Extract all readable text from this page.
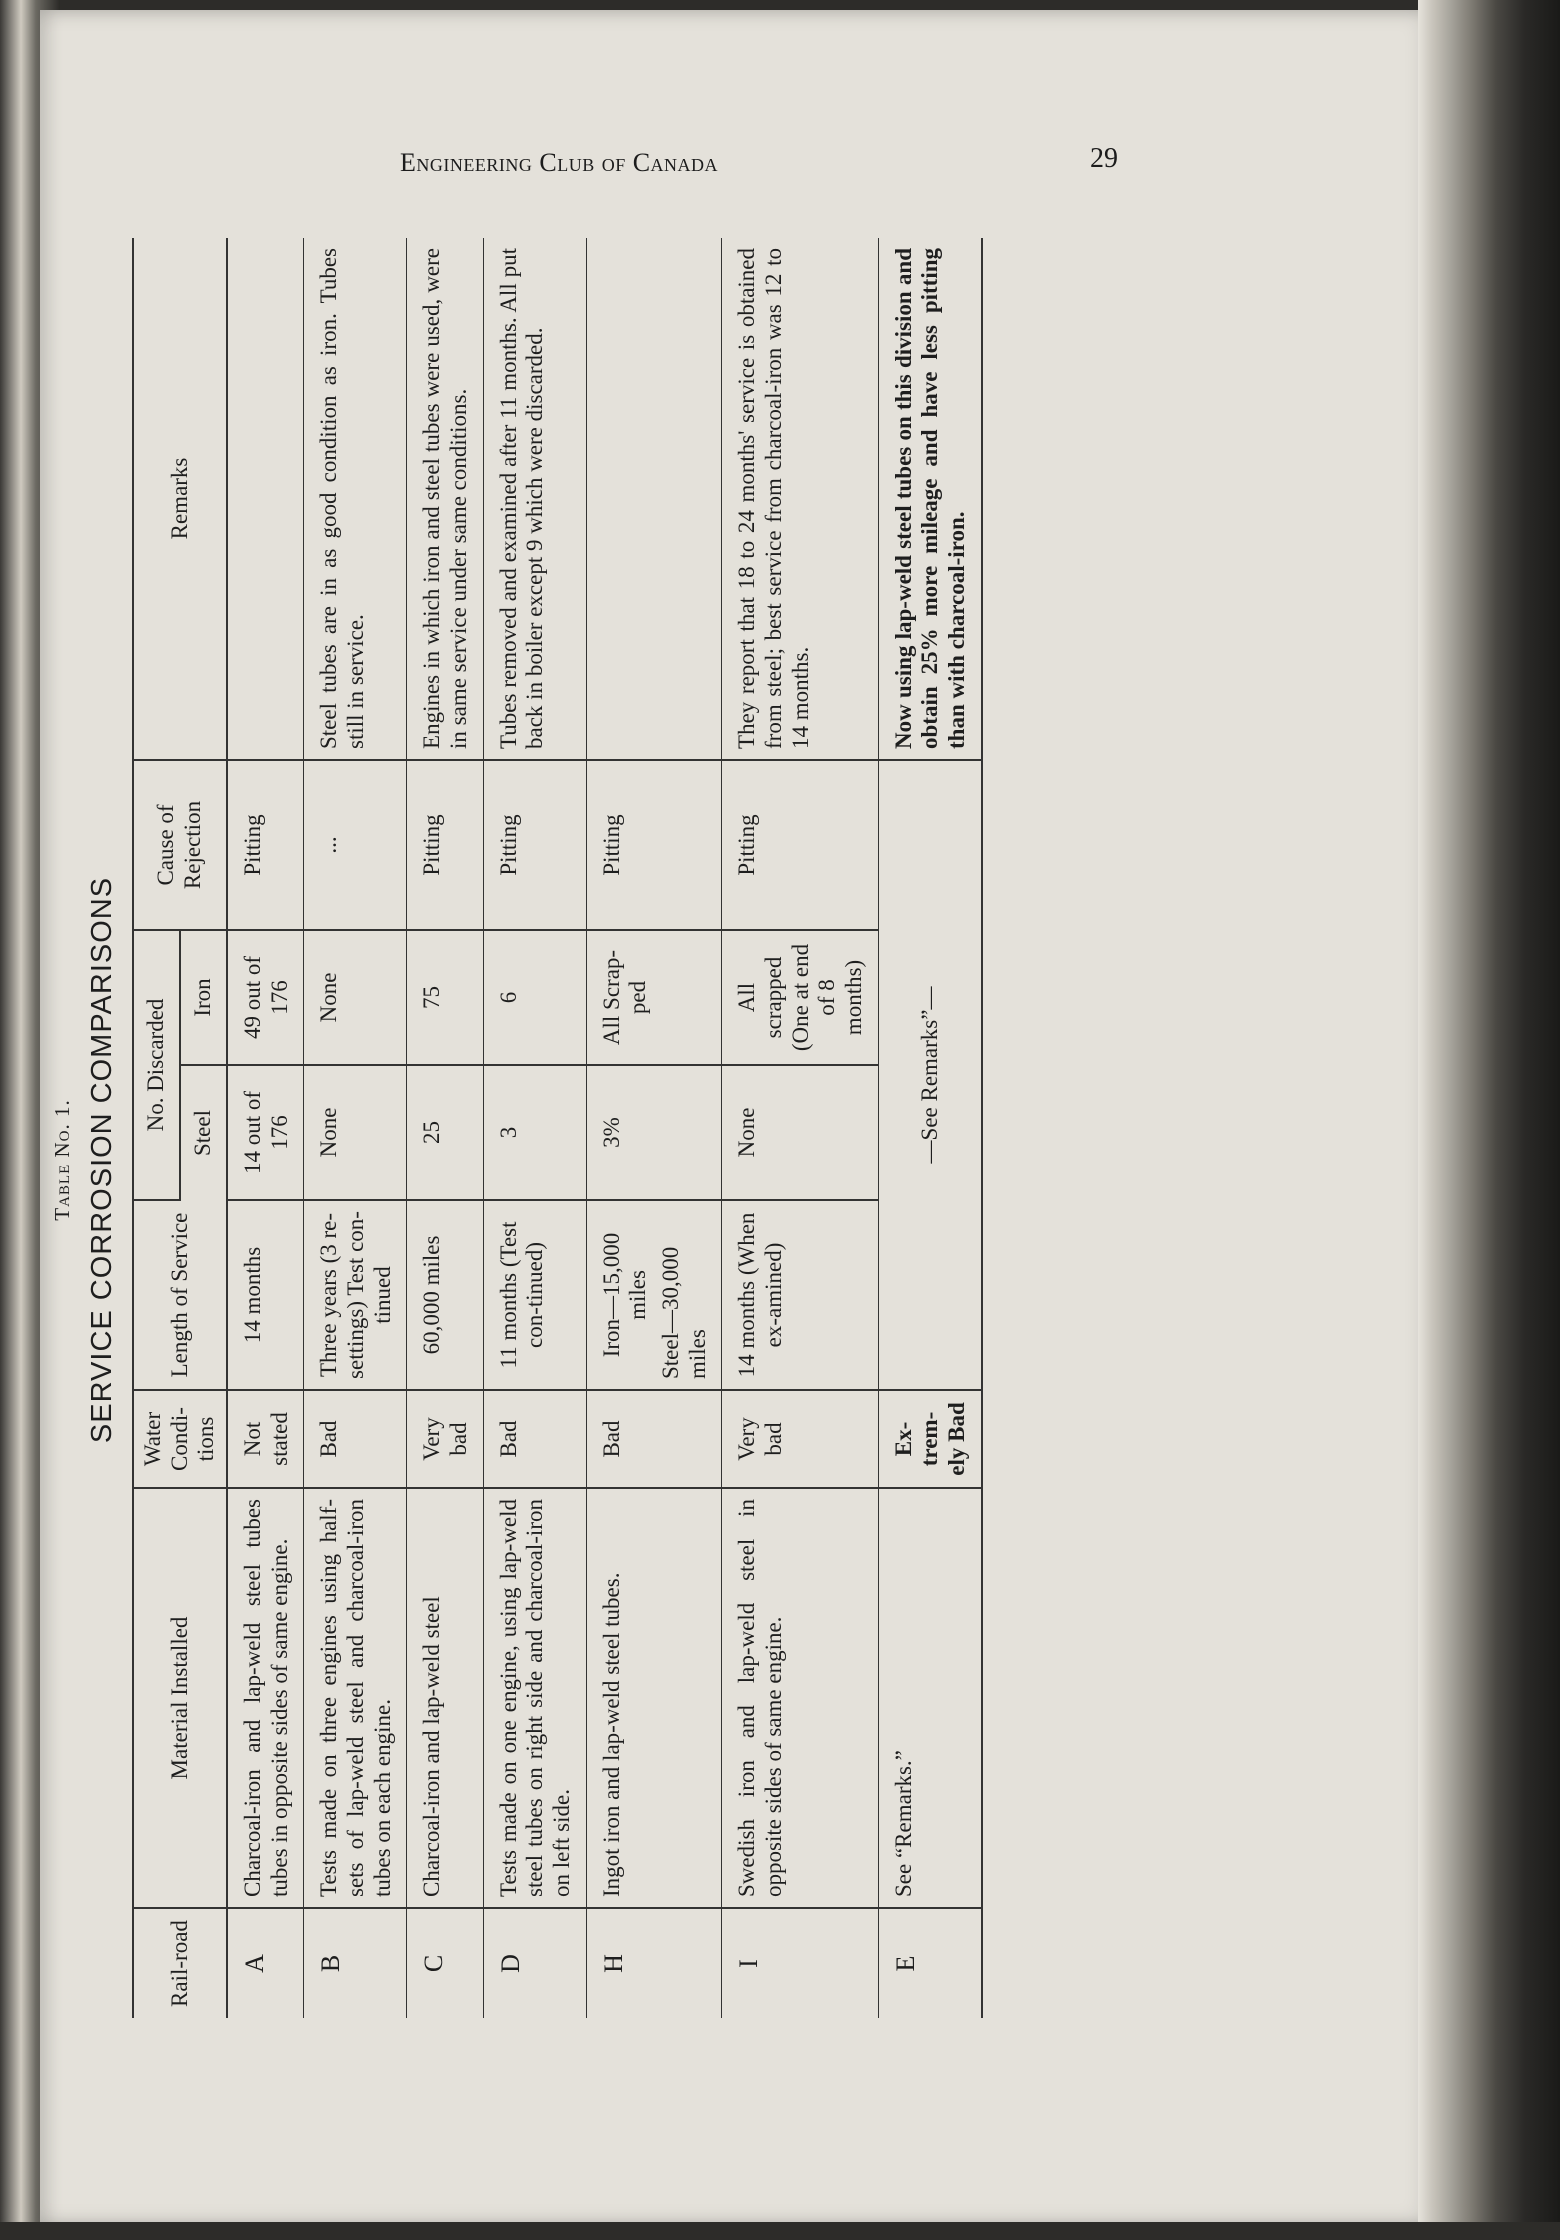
Engineering Club of Canada	29
Table No. 1. SERVICE CORROSION COMPARISONS
Rail-road	Material Installed	Water Condi-tions	Length of Service	No. Discarded		Cause of Rejection	Remarks
				Steel	Iron		
A	Charcoal-iron and lap-weld steel tubes tubes in opposite sides of same engine.	Not stated	14 months	14 out of 176	49 out of 176	Pitting	
B	Tests made on three engines using half-sets of lap-weld steel and charcoal-iron tubes on each engine.	Bad	Three years (3 re-settings) Test con-tinued	None	None	...	Steel tubes are in as good condition as iron. Tubes still in service.
C	Charcoal-iron and lap-weld steel	Very bad	60,000 miles	25	75	Pitting	Engines in which iron and steel tubes were used, were in same service under same conditions.
D	Tests made on one engine, using lap-weld steel tubes on right side and charcoal-iron on left side.	Bad	11 months (Test con-tinued)	3	6	Pitting	Tubes removed and examined after 11 months. All put back in boiler except 9 which were discarded.
H	Ingot iron and lap-weld steel tubes.	Bad	Iron—15,000 miles Steel—30,000 miles	3%	All Scrap-ped	Pitting	
I	Swedish iron and lap-weld steel in opposite sides of same engine.	Very bad	14 months (When ex-amined)	None	All scrapped (One at end of 8 months)	Pitting	They report that 18 to 24 months' service is obtained from steel; best service from charcoal-iron was 12 to 14 months.
E	See “Remarks.”	Ex-trem-ely Bad	—See Remarks”—				Now using lap-weld steel tubes on this division and obtain 25% more mileage and have less pitting than with charcoal-iron.
